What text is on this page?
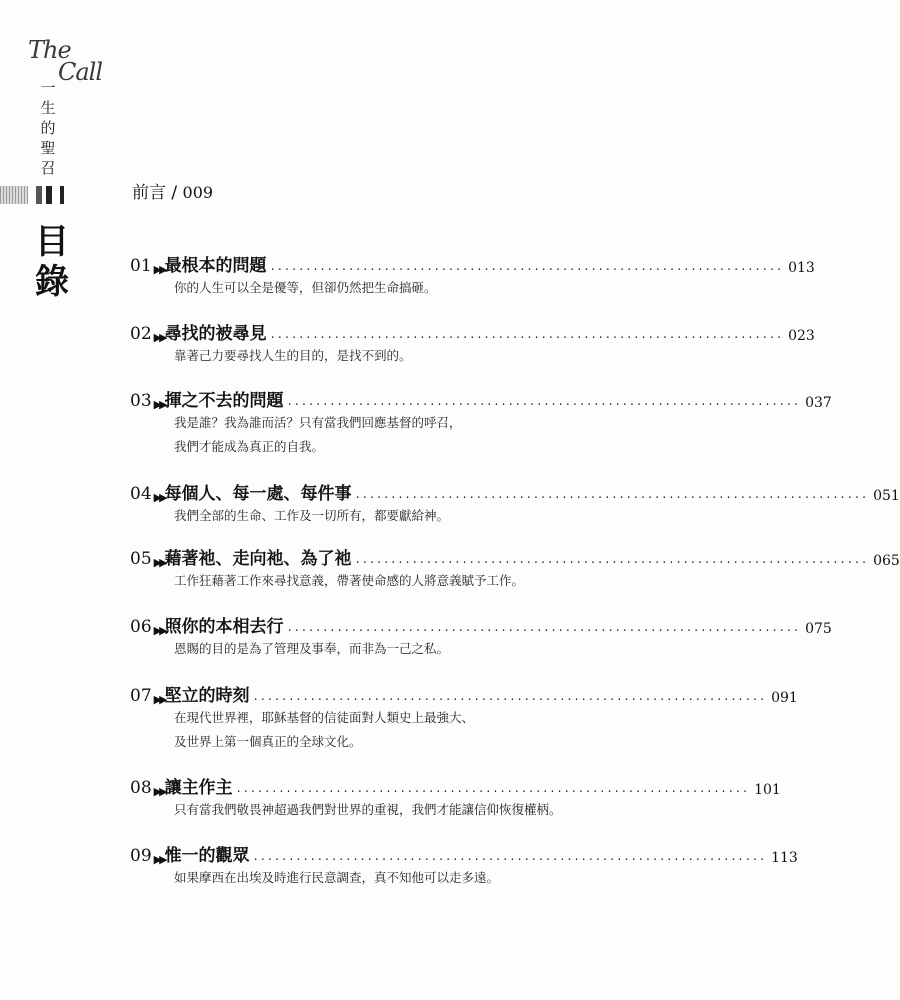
The
Call
一
生
的
聖
召
目
錄
前言 / 009
01 ▶▶ 最根本的問題 ........................................................................ 013
你的人生可以全是優等，但卻仍然把生命搞砸。
02 ▶▶ 尋找的被尋見 ........................................................................ 023
靠著己力要尋找人生的目的，是找不到的。
03 ▶▶ 揮之不去的問題 ........................................................................ 037
我是誰？我為誰而活？只有當我們回應基督的呼召，
我們才能成為真正的自我。
04 ▶▶ 每個人、每一處、每件事 ........................................................................ 051
我們全部的生命、工作及一切所有，都要獻給神。
05 ▶▶ 藉著祂、走向祂、為了祂 ........................................................................ 065
工作狂藉著工作來尋找意義，帶著使命感的人將意義賦予工作。
06 ▶▶ 照你的本相去行 ........................................................................ 075
恩賜的目的是為了管理及事奉，而非為一己之私。
07 ▶▶ 堅立的時刻 ........................................................................ 091
在現代世界裡，耶穌基督的信徒面對人類史上最強大、
及世界上第一個真正的全球文化。
08 ▶▶ 讓主作主 ........................................................................ 101
只有當我們敬畏神超過我們對世界的重視，我們才能讓信仰恢復權柄。
09 ▶▶ 惟一的觀眾 ........................................................................ 113
如果摩西在出埃及時進行民意調查，真不知他可以走多遠。
